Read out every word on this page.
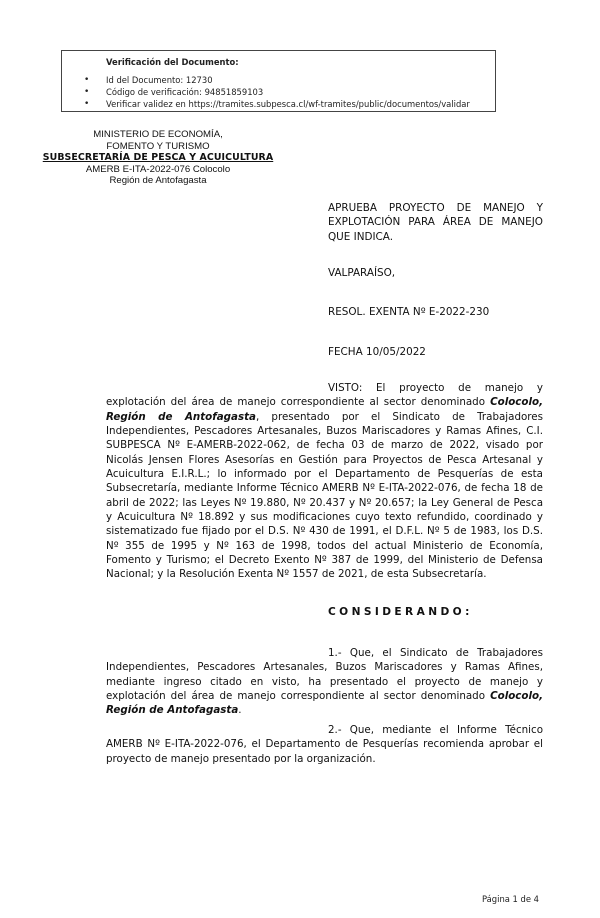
Verificación del Documento:
• Id del Documento: 12730
• Código de verificación: 94851859103
• Verificar validez en https://tramites.subpesca.cl/wf-tramites/public/documentos/validar
MINISTERIO DE ECONOMÍA,
FOMENTO Y TURISMO
SUBSECRETARÍA DE PESCA Y ACUICULTURA
AMERB E-ITA-2022-076 Colocolo
Región de Antofagasta
APRUEBA PROYECTO DE MANEJO Y EXPLOTACIÓN PARA ÁREA DE MANEJO QUE INDICA.
VALPARAÍSO,
RESOL. EXENTA Nº E-2022-230
FECHA 10/05/2022

VISTO: El proyecto de manejo y explotación del área de manejo correspondiente al sector denominado Colocolo, Región de Antofagasta, presentado por el Sindicato de Trabajadores Independientes, Pescadores Artesanales, Buzos Mariscadores y Ramas Afines, C.I. SUBPESCA Nº E-AMERB-2022-062, de fecha 03 de marzo de 2022, visado por Nicolás Jensen Flores Asesorías en Gestión para Proyectos de Pesca Artesanal y Acuicultura E.I.R.L.; lo informado por el Departamento de Pesquerías de esta Subsecretaría, mediante Informe Técnico AMERB Nº E-ITA-2022-076, de fecha 18 de abril de 2022; las Leyes Nº 19.880, Nº 20.437 y Nº 20.657; la Ley General de Pesca y Acuicultura Nº 18.892 y sus modificaciones cuyo texto refundido, coordinado y sistematizado fue fijado por el D.S. Nº 430 de 1991, el D.F.L. Nº 5 de 1983, los D.S. Nº 355 de 1995 y Nº 163 de 1998, todos del actual Ministerio de Economía, Fomento y Turismo; el Decreto Exento Nº 387 de 1999, del Ministerio de Defensa Nacional; y la Resolución Exenta Nº 1557 de 2021, de esta Subsecretaría.

CONSIDERANDO:

1.- Que, el Sindicato de Trabajadores Independientes, Pescadores Artesanales, Buzos Mariscadores y Ramas Afines, mediante ingreso citado en visto, ha presentado el proyecto de manejo y explotación del área de manejo correspondiente al sector denominado Colocolo, Región de Antofagasta.

2.- Que, mediante el Informe Técnico AMERB Nº E-ITA-2022-076, el Departamento de Pesquerías recomienda aprobar el proyecto de manejo presentado por la organización.

Página 1 de 4
